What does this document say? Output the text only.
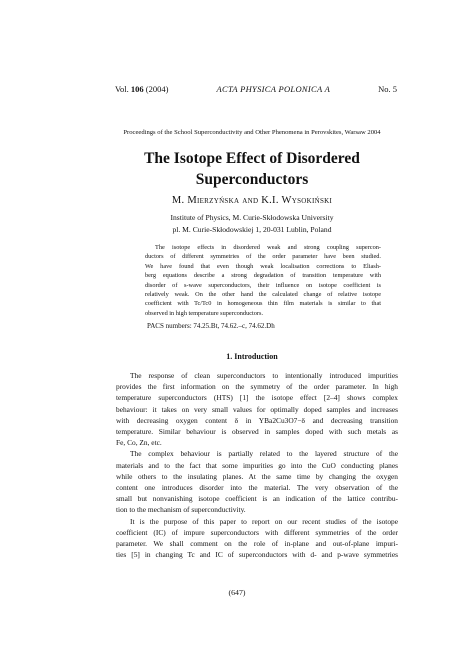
Vol. 106 (2004)	ACTA PHYSICA POLONICA A	No. 5
Proceedings of the School Superconductivity and Other Phenomena in Perovskites, Warsaw 2004
The Isotope Effect of Disordered
Superconductors
M. Mierzyńska and K.I. Wysokiński
Institute of Physics, M. Curie-Skłodowska University
pl. M. Curie-Skłodowskiej 1, 20-031 Lublin, Poland
The isotope effects in disordered weak and strong coupling supercon-
ductors of different symmetries of the order parameter have been studied.
We have found that even though weak localisation corrections to Eliash-
berg equations describe a strong degradation of transition temperature with
disorder of s-wave superconductors, their influence on isotope coefficient is
relatively weak. On the other hand the calculated change of relative isotope
coefficient with Tc/Tc0 in homogeneous thin film materials is similar to that
observed in high temperature superconductors.
PACS numbers: 74.25.Bt, 74.62.–c, 74.62.Dh
1. Introduction
The response of clean superconductors to intentionally introduced impurities
provides the first information on the symmetry of the order parameter. In high
temperature superconductors (HTS) [1] the isotope effect [2–4] shows complex
behaviour: it takes on very small values for optimally doped samples and increases
with decreasing oxygen content δ in YBa2Cu3O7−δ and decreasing transition
temperature. Similar behaviour is observed in samples doped with such metals as
Fe, Co, Zn, etc.
The complex behaviour is partially related to the layered structure of the
materials and to the fact that some impurities go into the CuO conducting planes
while others to the insulating planes. At the same time by changing the oxygen
content one introduces disorder into the material. The very observation of the
small but nonvanishing isotope coefficient is an indication of the lattice contribu-
tion to the mechanism of superconductivity.
It is the purpose of this paper to report on our recent studies of the isotope
coefficient (IC) of impure superconductors with different symmetries of the order
parameter. We shall comment on the role of in-plane and out-of-plane impuri-
ties [5] in changing Tc and IC of superconductors with d- and p-wave symmetries
(647)
